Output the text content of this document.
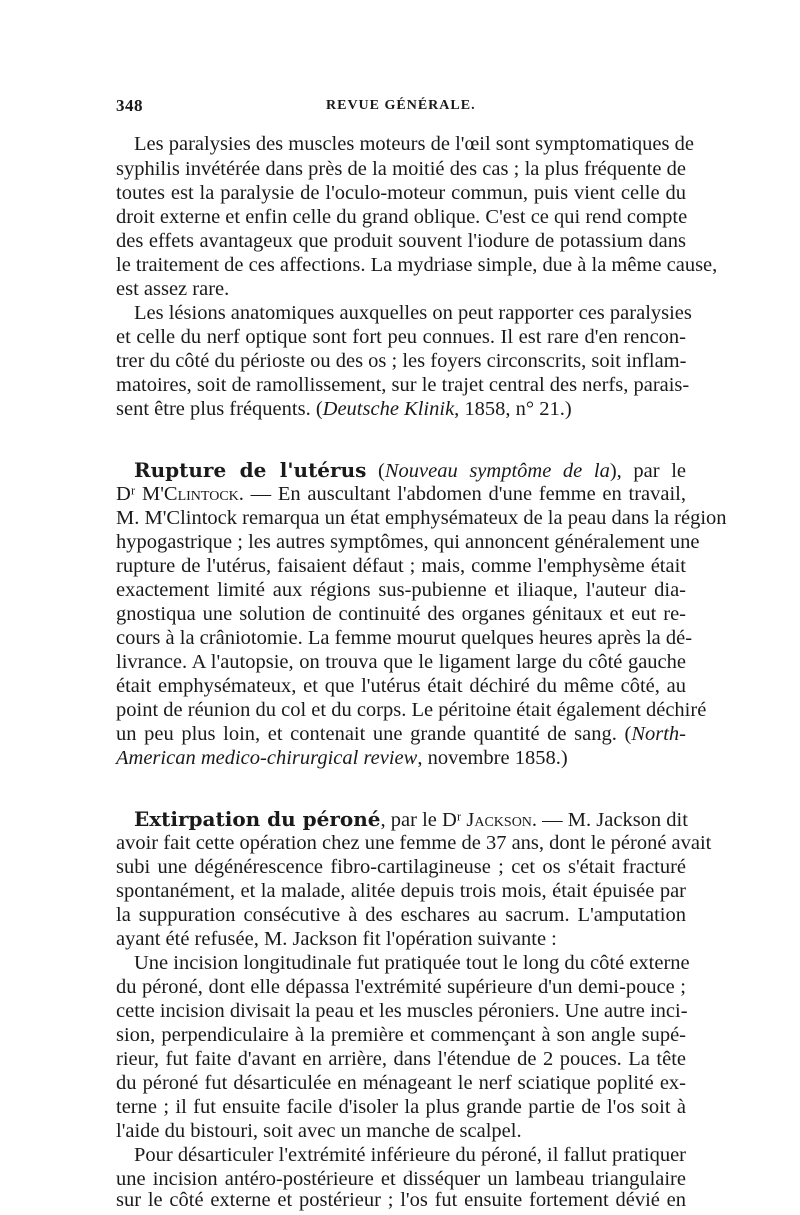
348	REVUE GÉNÉRALE.
Les paralysies des muscles moteurs de l'œil sont symptomatiques de
syphilis invétérée dans près de la moitié des cas ; la plus fréquente de
toutes est la paralysie de l'oculo-moteur commun, puis vient celle du
droit externe et enfin celle du grand oblique. C'est ce qui rend compte
des effets avantageux que produit souvent l'iodure de potassium dans
le traitement de ces affections. La mydriase simple, due à la même cause,
est assez rare.
Les lésions anatomiques auxquelles on peut rapporter ces paralysies
et celle du nerf optique sont fort peu connues. Il est rare d'en rencon-
trer du côté du périoste ou des os ; les foyers circonscrits, soit inflam-
matoires, soit de ramollissement, sur le trajet central des nerfs, parais-
sent être plus fréquents. (Deutsche Klinik, 1858, n° 21.)
Rupture de l'utérus (Nouveau symptôme de la), par le
Dʳ M'Clintock. — En auscultant l'abdomen d'une femme en travail,
M. M'Clintock remarqua un état emphysémateux de la peau dans la région
hypogastrique ; les autres symptômes, qui annoncent généralement une
rupture de l'utérus, faisaient défaut ; mais, comme l'emphysème était
exactement limité aux régions sus-pubienne et iliaque, l'auteur dia-
gnostiqua une solution de continuité des organes génitaux et eut re-
cours à la crâniotomie. La femme mourut quelques heures après la dé-
livrance. A l'autopsie, on trouva que le ligament large du côté gauche
était emphysémateux, et que l'utérus était déchiré du même côté, au
point de réunion du col et du corps. Le péritoine était également déchiré
un peu plus loin, et contenait une grande quantité de sang. (North-
American medico-chirurgical review, novembre 1858.)
Extirpation du péroné, par le Dʳ Jackson. — M. Jackson dit
avoir fait cette opération chez une femme de 37 ans, dont le péroné avait
subi une dégénérescence fibro-cartilagineuse ; cet os s'était fracturé
spontanément, et la malade, alitée depuis trois mois, était épuisée par
la suppuration consécutive à des eschares au sacrum. L'amputation
ayant été refusée, M. Jackson fit l'opération suivante :
Une incision longitudinale fut pratiquée tout le long du côté externe
du péroné, dont elle dépassa l'extrémité supérieure d'un demi-pouce ;
cette incision divisait la peau et les muscles péroniers. Une autre inci-
sion, perpendiculaire à la première et commençant à son angle supé-
rieur, fut faite d'avant en arrière, dans l'étendue de 2 pouces. La tête
du péroné fut désarticulée en ménageant le nerf sciatique poplité ex-
terne ; il fut ensuite facile d'isoler la plus grande partie de l'os soit à
l'aide du bistouri, soit avec un manche de scalpel.
Pour désarticuler l'extrémité inférieure du péroné, il fallut pratiquer
une incision antéro-postérieure et disséquer un lambeau triangulaire
sur le côté externe et postérieur ; l'os fut ensuite fortement dévié en
